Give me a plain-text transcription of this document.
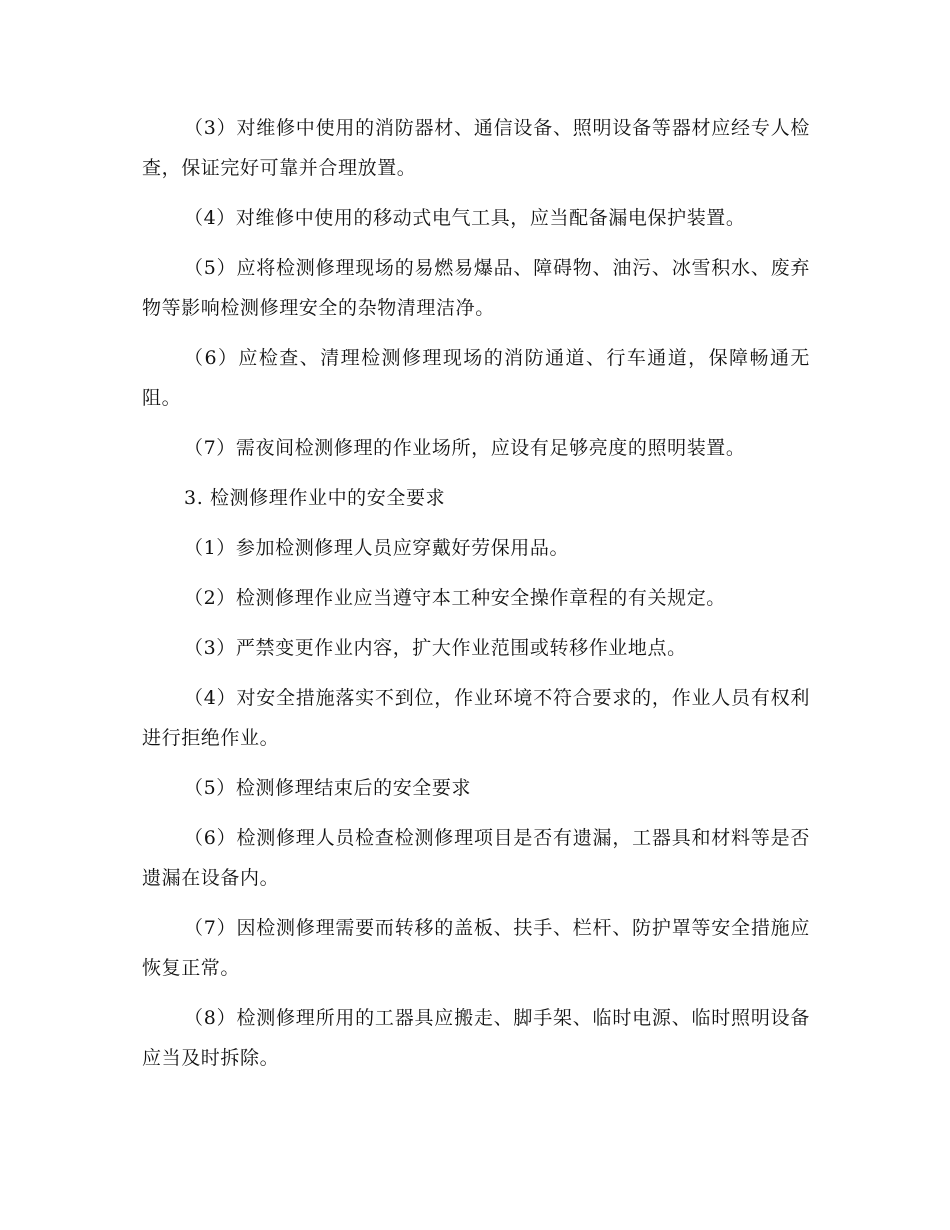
（3）对维修中使用的消防器材、通信设备、照明设备等器材应经专人检查，保证完好可靠并合理放置。

（4）对维修中使用的移动式电气工具，应当配备漏电保护装置。

（5）应将检测修理现场的易燃易爆品、障碍物、油污、冰雪积水、废弃物等影响检测修理安全的杂物清理洁净。

（6）应检查、清理检测修理现场的消防通道、行车通道，保障畅通无阻。

（7）需夜间检测修理的作业场所，应设有足够亮度的照明装置。

3. 检测修理作业中的安全要求

（1）参加检测修理人员应穿戴好劳保用品。

（2）检测修理作业应当遵守本工种安全操作章程的有关规定。

（3）严禁变更作业内容，扩大作业范围或转移作业地点。

（4）对安全措施落实不到位，作业环境不符合要求的，作业人员有权利进行拒绝作业。

（5）检测修理结束后的安全要求

（6）检测修理人员检查检测修理项目是否有遗漏，工器具和材料等是否遗漏在设备内。

（7）因检测修理需要而转移的盖板、扶手、栏杆、防护罩等安全措施应恢复正常。

（8）检测修理所用的工器具应搬走、脚手架、临时电源、临时照明设备应当及时拆除。
